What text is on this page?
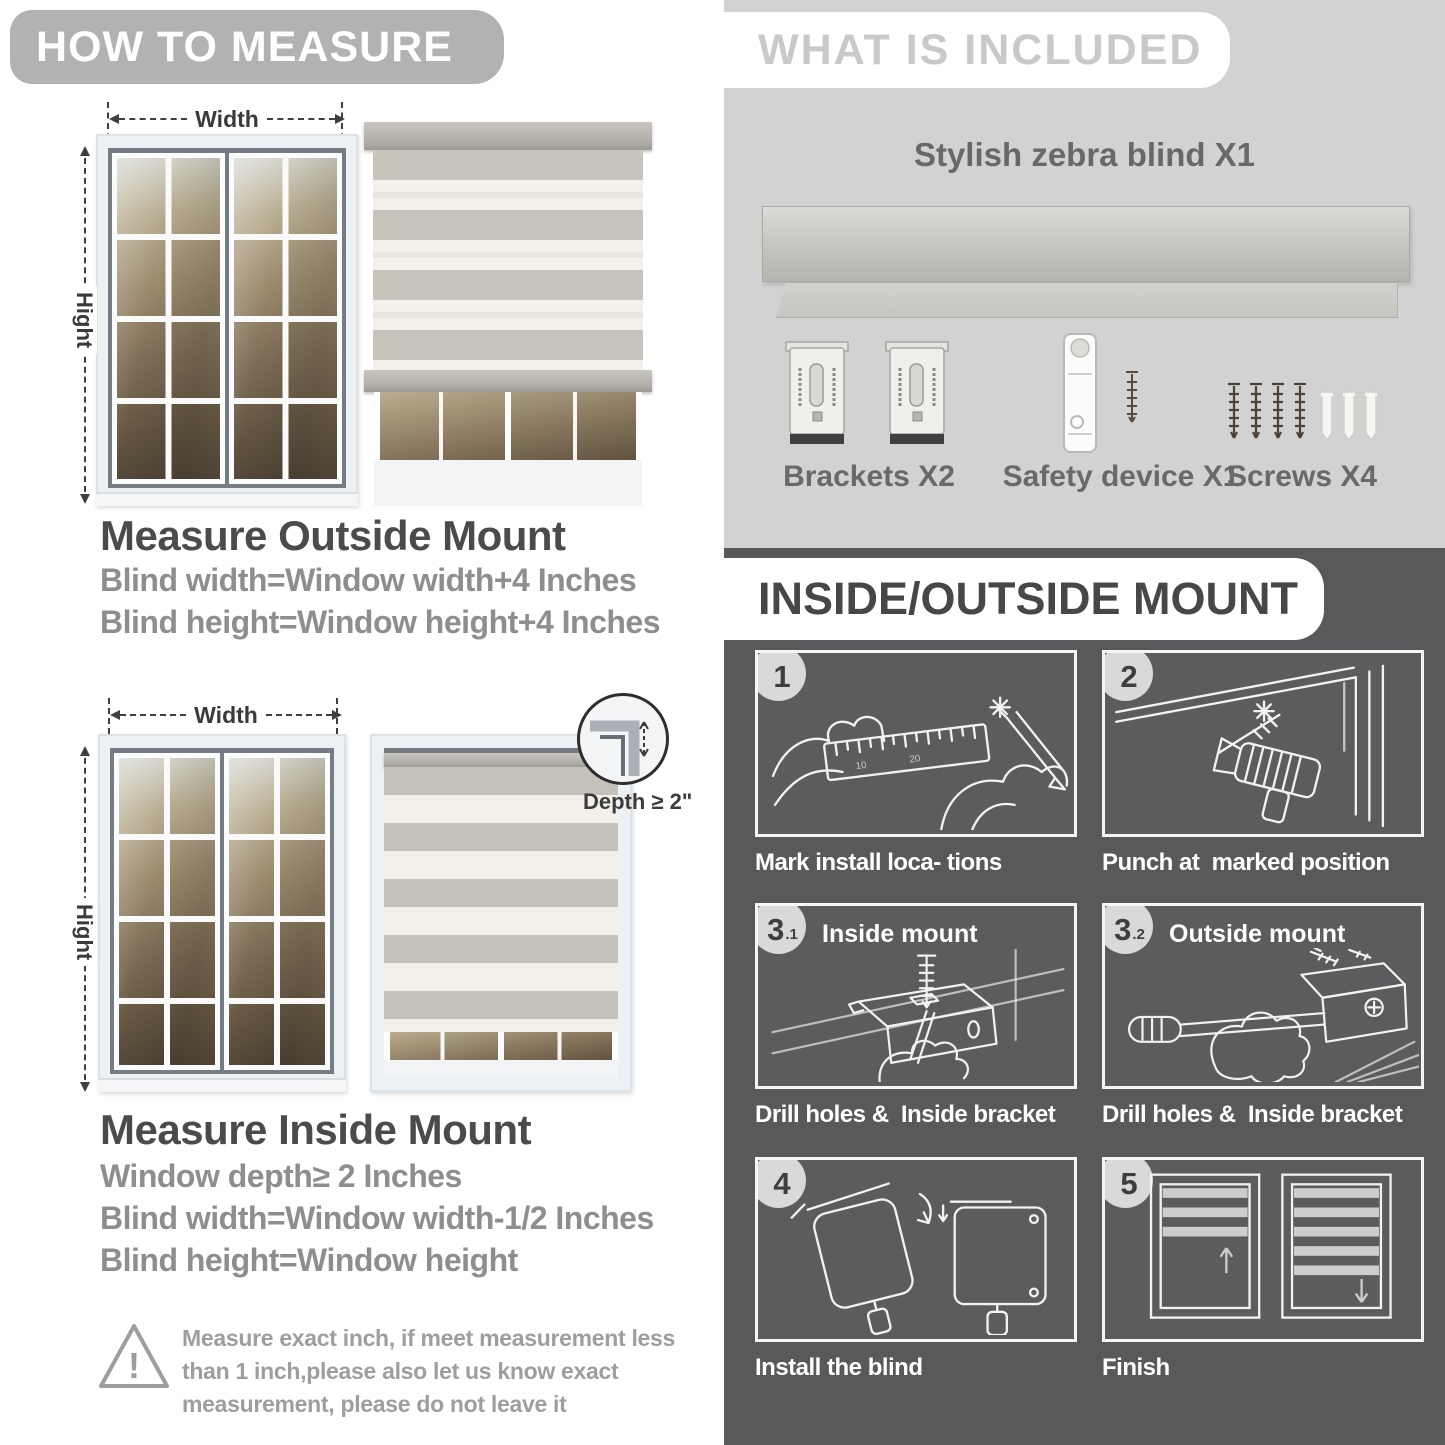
HOW TO MEASURE
Width
Hight
Measure Outside Mount
Blind width=Window width+4 Inches
Blind height=Window height+4 Inches
Width
Hight
Depth ≥ 2"
Measure Inside Mount
Window depth≥ 2 Inches
Blind width=Window width-1/2 Inches
Blind height=Window height
!
Measure exact inch, if meet measurement less
than 1 inch,please also let us know exact
measurement, please do not leave it
WHAT IS INCLUDED
Stylish zebra blind X1
Brackets X2	Safety device X1
Screws X4
INSIDE/OUTSIDE MOUNT
1
10
20
Mark install loca- tions
2
Punch at  marked position
3 .1 Inside mount
Drill holes &  Inside bracket
3 .2 Outside mount
Drill holes &  Inside bracket
4
Install the blind
5
Finish
